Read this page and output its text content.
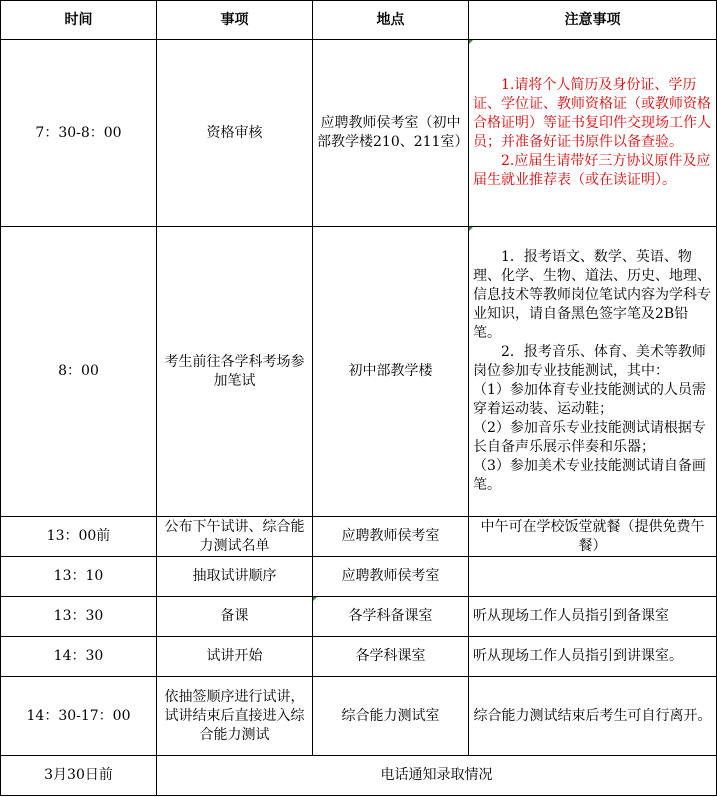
时间	事项	地点	注意事项
7：30-8：00	资格审核	应聘教师侯考室（初中部教学楼210、211室）	1.请将个人简历及身份证、学历证、学位证、教师资格证（或教师资格合格证明）等证书复印件交现场工作人员；并准备好证书原件以备查验。

2.应届生请带好三方协议原件及应届生就业推荐表（或在读证明）。

8：00	考生前往各学科考场参加笔试	初中部教学楼	1．报考语文、数学、英语、物理、化学、生物、道法、历史、地理、信息技术等教师岗位笔试内容为学科专业知识，请自备黑色签字笔及2B铅笔。

2．报考音乐、体育、美术等教师岗位参加专业技能测试，其中：

（1）参加体育专业技能测试的人员需穿着运动装、运动鞋；

（2）参加音乐专业技能测试请根据专长自备声乐展示伴奏和乐器；

（3）参加美术专业技能测试请自备画笔。

13：00前	公布下午试讲、综合能力测试名单	应聘教师侯考室	中午可在学校饭堂就餐（提供免费午餐）
13：10	抽取试讲顺序	应聘教师侯考室	
13：30	备课	各学科备课室	听从现场工作人员指引到备课室
14：30	试讲开始	各学科课室	听从现场工作人员指引到讲课室。
14：30-17：00	依抽签顺序进行试讲，试讲结束后直接进入综合能力测试	综合能力测试室	综合能力测试结束后考生可自行离开。
3月30日前	电话通知录取情况		
